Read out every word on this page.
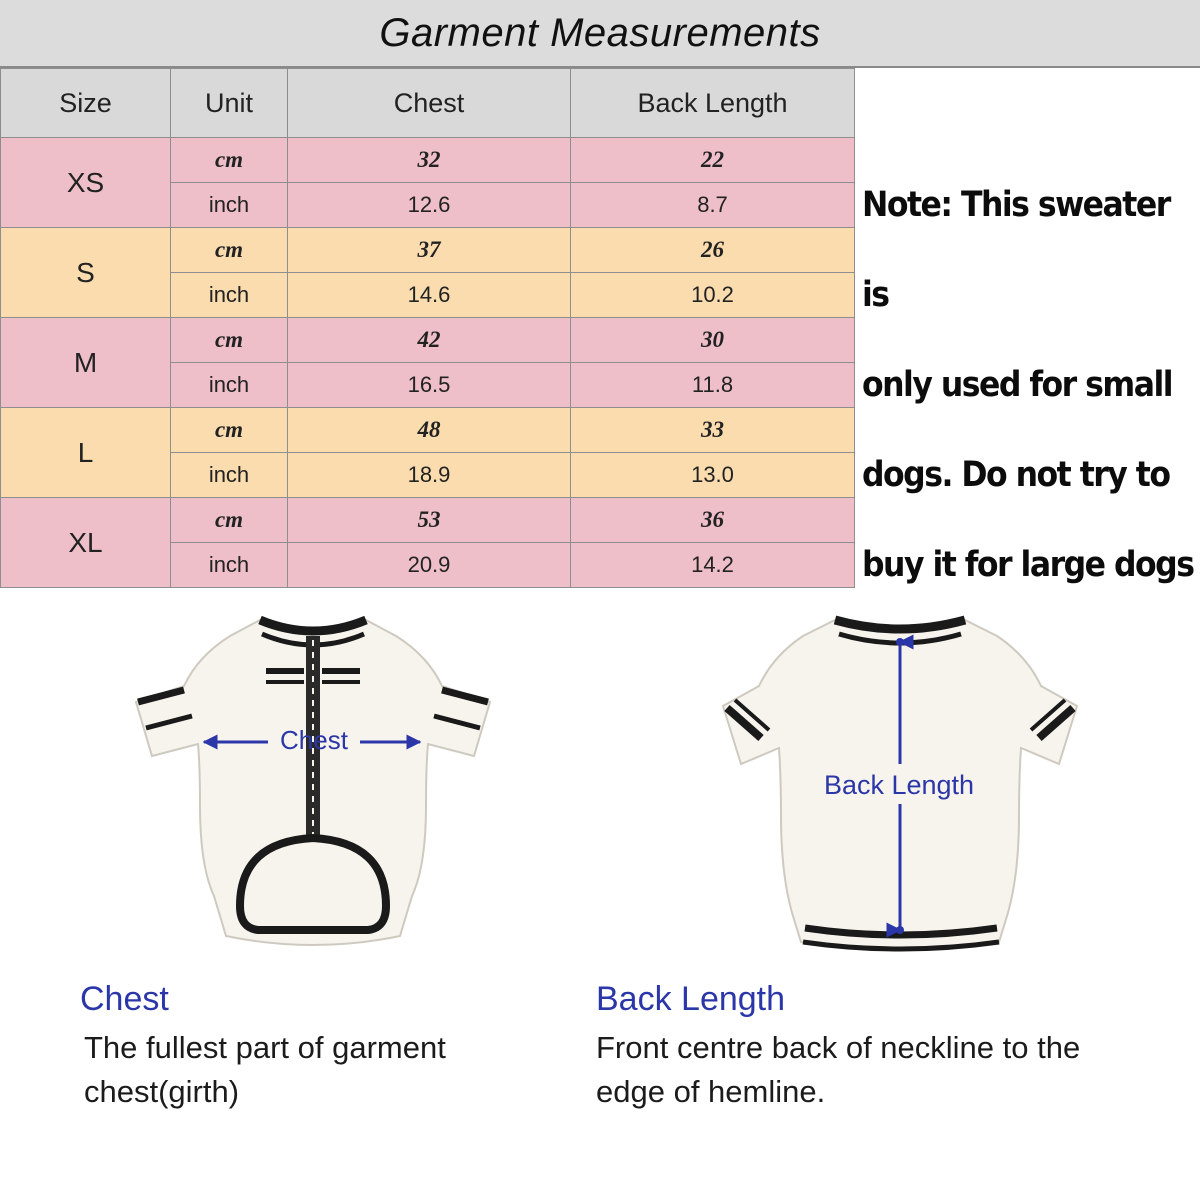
Garment Measurements
Size	Unit	Chest	Back Length
XS	cm	32	22
	inch	12.6	8.7
S	cm	37	26
	inch	14.6	10.2
M	cm	42	30
	inch	16.5	11.8
L	cm	48	33
	inch	18.9	13.0
XL	cm	53	36
	inch	20.9	14.2
Note: This sweater is
only used for small
dogs. Do not try to
buy it for large dogs
Chest
Back Length
Chest
The fullest part of garment
chest(girth)
Back Length
Front centre back of neckline to the
edge of hemline.
